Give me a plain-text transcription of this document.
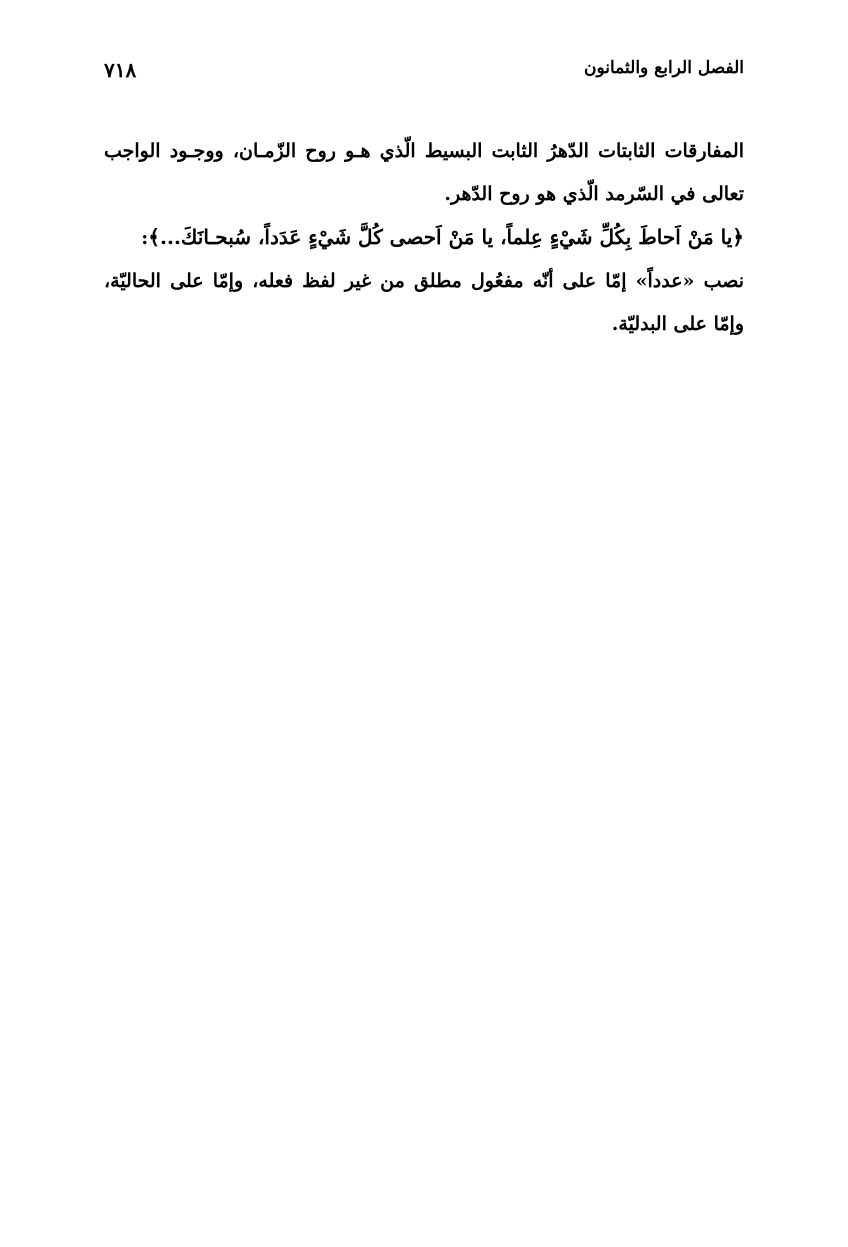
الفصل الرابع والثمانون
٧١٨

المفارقات الثابتات الدّهرُ الثابت البسيط الّذي هـو روح الزّمـان، ووجـود الواجب تعالى في السّرمد الّذي هو روح الدّهر.

﴿يا مَنْ اَحاطَ بِكُلِّ شَيْءٍ عِلماً، يا مَنْ اَحصى كُلَّ شَيْءٍ عَدَداً، سُبحـانَكَ...﴾:

نصب «عدداً» إمّا على أنّه مفعُول مطلق من غير لفظ فعله، وإمّا على الحاليّة، وإمّا على البدليّة.
